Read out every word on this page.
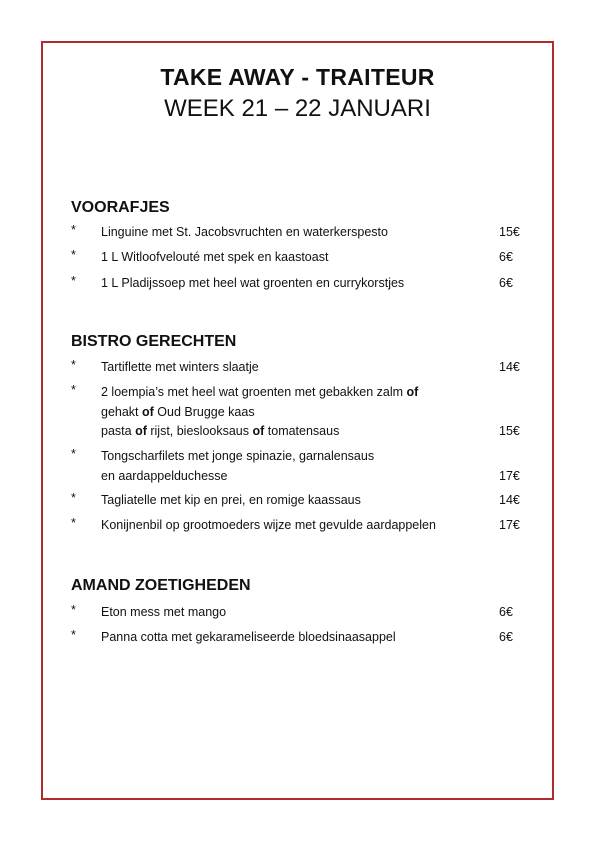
TAKE AWAY - TRAITEUR
WEEK 21 – 22 JANUARI
VOORAFJES
* Linguine met St. Jacobsvruchten en waterkerspesto	15€
* 1 L Witloofvelouté met spek en kaastoast	6€
* 1 L Pladijssoep met heel wat groenten en currykorstjes	6€
BISTRO GERECHTEN
* Tartiflette met winters slaatje	14€
* 2 loempia’s met heel wat groenten met gebakken zalm of
gehakt of Oud Brugge kaas
pasta of rijst, bieslooksaus of tomatensaus	15€
* Tongscharfilets met jonge spinazie, garnalensaus
en aardappelduchesse	17€
* Tagliatelle met kip en prei, en romige kaassaus	14€
* Konijnenbil op grootmoeders wijze met gevulde aardappelen	17€
AMAND ZOETIGHEDEN
* Eton mess met mango	6€
* Panna cotta met gekarameliseerde bloedsinaasappel	6€
